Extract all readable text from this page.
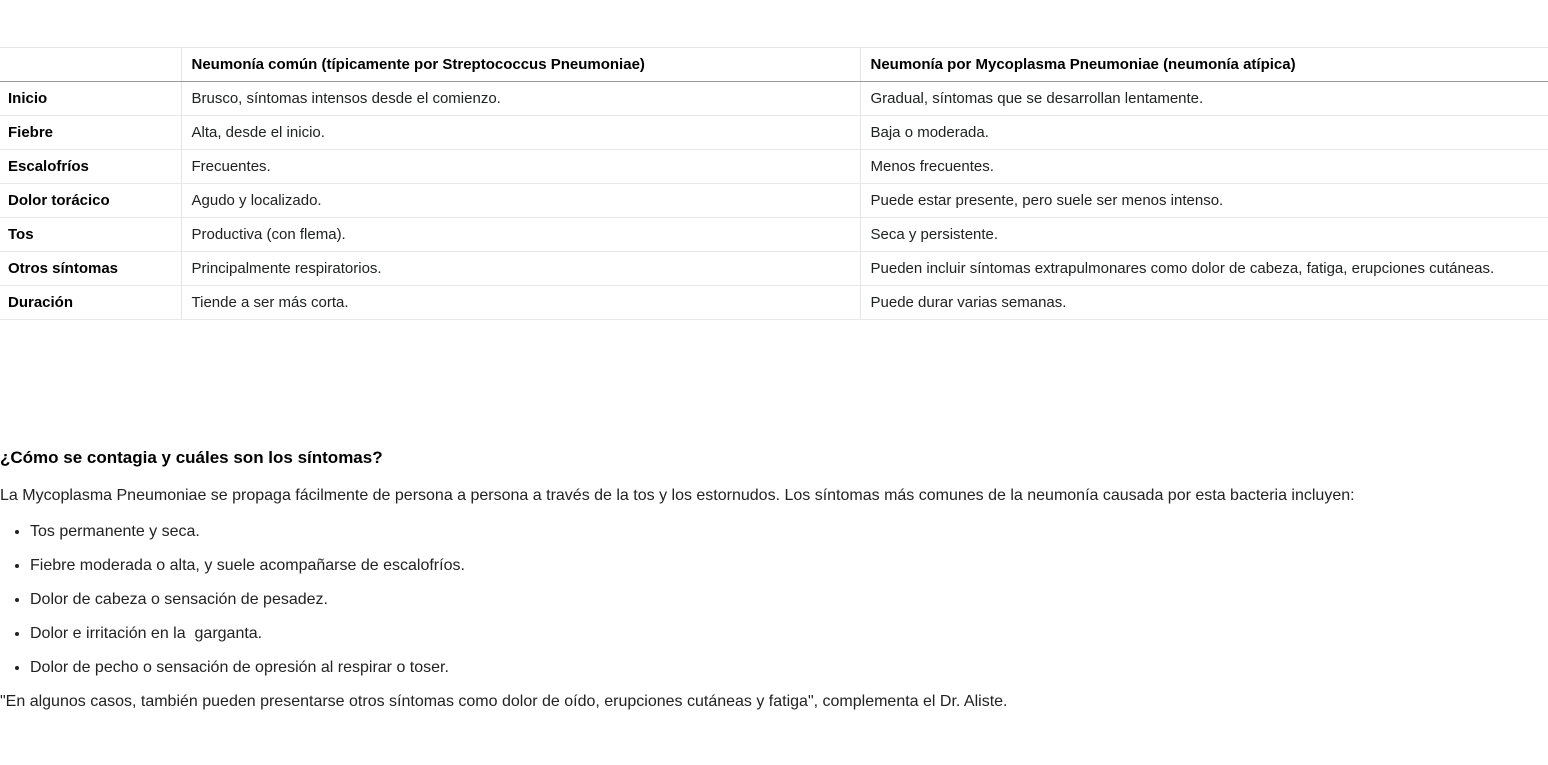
	Neumonía común (típicamente por Streptococcus Pneumoniae)	Neumonía por Mycoplasma Pneumoniae (neumonía atípica)
Inicio	Brusco, síntomas intensos desde el comienzo.	Gradual, síntomas que se desarrollan lentamente.
Fiebre	Alta, desde el inicio.	Baja o moderada.
Escalofríos	Frecuentes.	Menos frecuentes.
Dolor torácico	Agudo y localizado.	Puede estar presente, pero suele ser menos intenso.
Tos	Productiva (con flema).	Seca y persistente.
Otros síntomas	Principalmente respiratorios.	Pueden incluir síntomas extrapulmonares como dolor de cabeza, fatiga, erupciones cutáneas.
Duración	Tiende a ser más corta.	Puede durar varias semanas.
¿Cómo se contagia y cuáles son los síntomas?

La Mycoplasma Pneumoniae se propaga fácilmente de persona a persona a través de la tos y los estornudos. Los síntomas más comunes de la neumonía causada por esta bacteria incluyen:

• Tos permanente y seca.
• Fiebre moderada o alta, y suele acompañarse de escalofríos.
• Dolor de cabeza o sensación de pesadez.
• Dolor e irritación en la  garganta.
• Dolor de pecho o sensación de opresión al respirar o toser.

"En algunos casos, también pueden presentarse otros síntomas como dolor de oído, erupciones cutáneas y fatiga", complementa el Dr. Aliste.
